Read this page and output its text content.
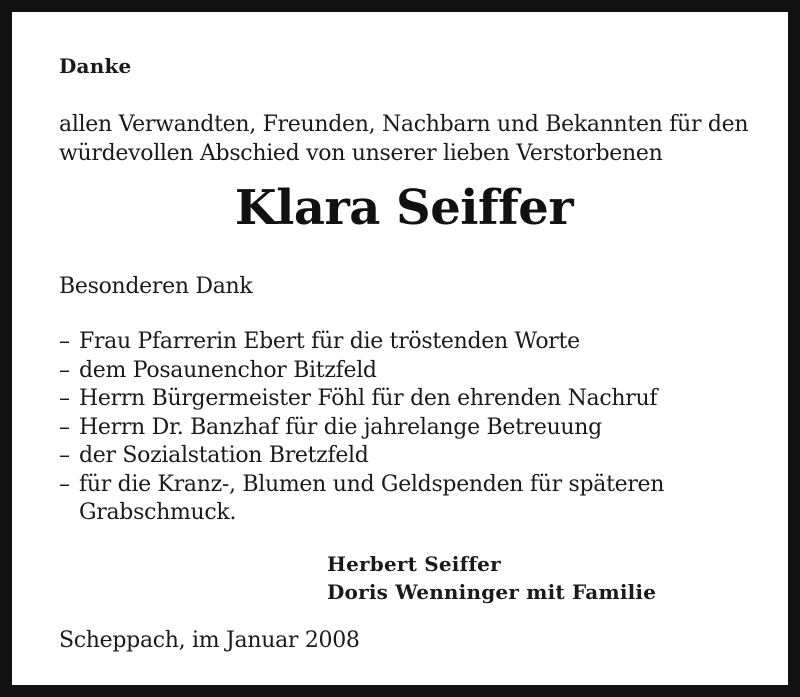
Danke
allen Verwandten, Freunden, Nachbarn und Bekannten für den
würdevollen Abschied von unserer lieben Verstorbenen
Klara Seiffer
Besonderen Dank
– Frau Pfarrerin Ebert für die tröstenden Worte
– dem Posaunenchor Bitzfeld
– Herrn Bürgermeister Föhl für den ehrenden Nachruf
– Herrn Dr. Banzhaf für die jahrelange Betreuung
– der Sozialstation Bretzfeld
– für die Kranz-, Blumen und Geldspenden für späteren Grabschmuck.
Herbert Seiffer
Doris Wenninger mit Familie
Scheppach, im Januar 2008
